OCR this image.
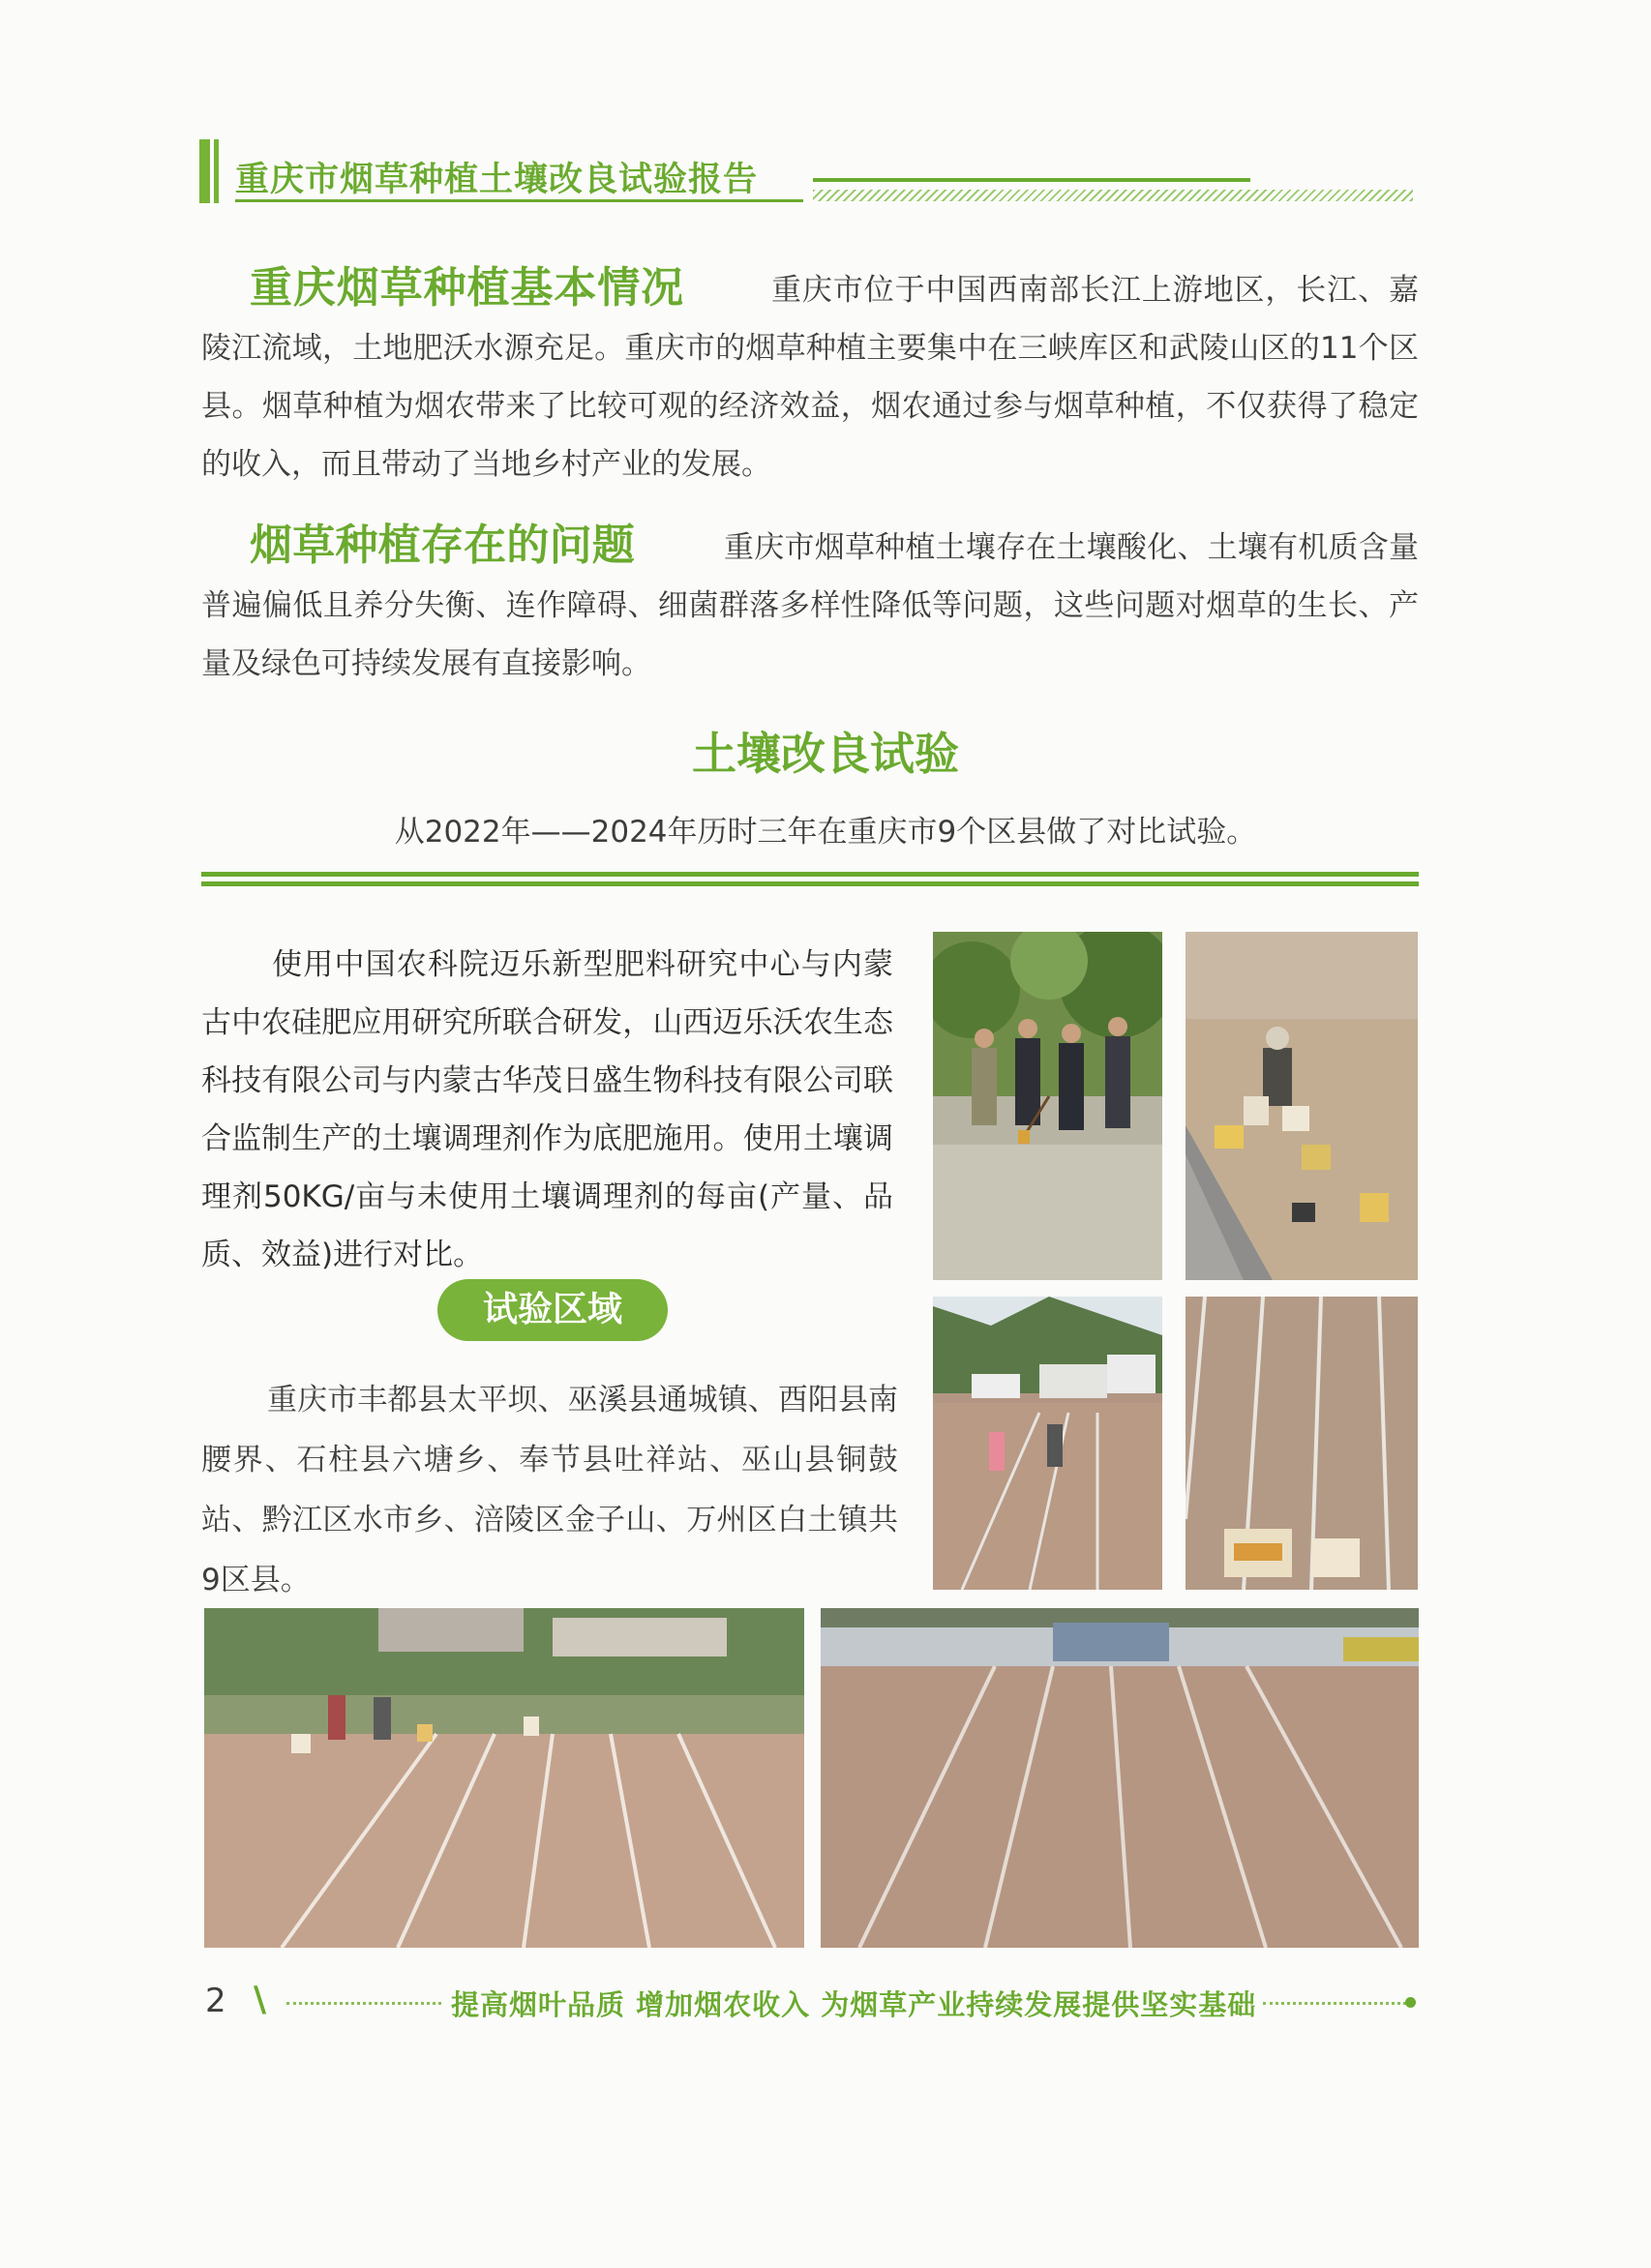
重庆市烟草种植土壤改良试验报告
重庆烟草种植基本情况	重庆市位于中国西南部长江上游地区，长江、嘉陵江流域，土地肥沃水源充足。重庆市的烟草种植主要集中在三峡库区和武陵山区的11个区县。烟草种植为烟农带来了比较可观的经济效益，烟农通过参与烟草种植，不仅获得了稳定的收入，而且带动了当地乡村产业的发展。
烟草种植存在的问题	重庆市烟草种植土壤存在土壤酸化、土壤有机质含量普遍偏低且养分失衡、连作障碍、细菌群落多样性降低等问题，这些问题对烟草的生长、产量及绿色可持续发展有直接影响。
土壤改良试验
从2022年——2024年历时三年在重庆市9个区县做了对比试验。
使用中国农科院迈乐新型肥料研究中心与内蒙古中农硅肥应用研究所联合研发，山西迈乐沃农生态科技有限公司与内蒙古华茂日盛生物科技有限公司联合监制生产的土壤调理剂作为底肥施用。使用土壤调理剂50KG/亩与未使用土壤调理剂的每亩(产量、品质、效益)进行对比。
试验区域
重庆市丰都县太平坝、巫溪县通城镇、酉阳县南腰界、石柱县六塘乡、奉节县吐祥站、巫山县铜鼓站、黔江区水市乡、涪陵区金子山、万州区白土镇共9区县。
2 \	提高烟叶品质 增加烟农收入 为烟草产业持续发展提供坚实基础
